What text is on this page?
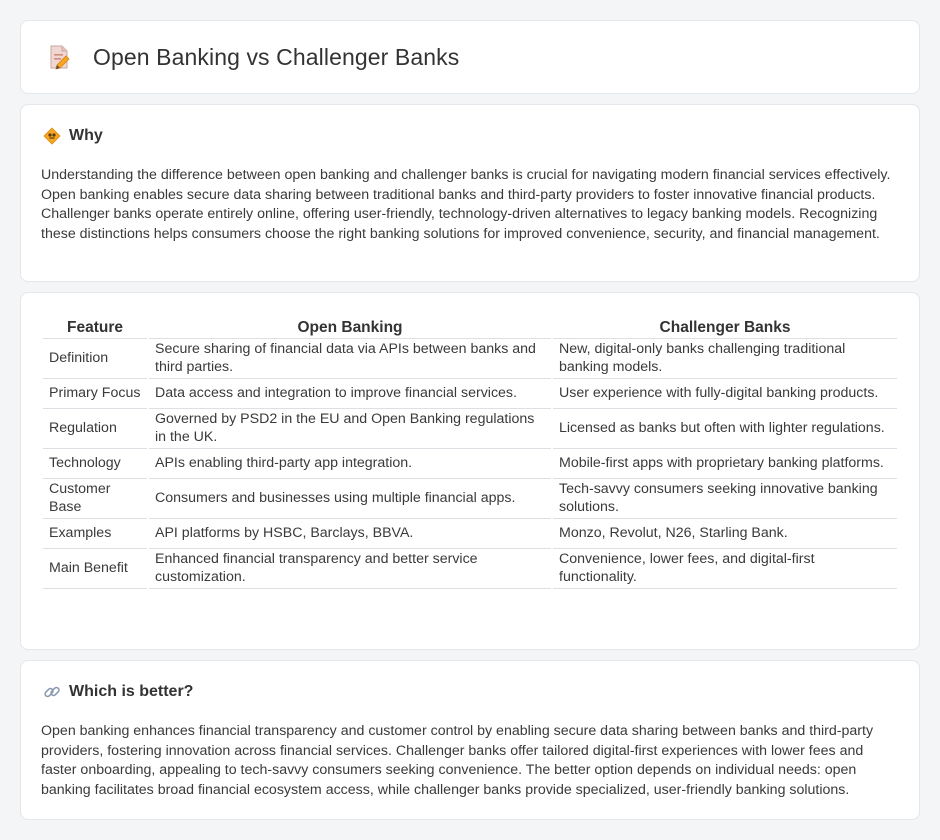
Open Banking vs Challenger Banks
Why

Understanding the difference between open banking and challenger banks is crucial for navigating modern financial services effectively. Open banking enables secure data sharing between traditional banks and third-party providers to foster innovative financial products. Challenger banks operate entirely online, offering user-friendly, technology-driven alternatives to legacy banking models. Recognizing these distinctions helps consumers choose the right banking solutions for improved convenience, security, and financial management.

Feature	Open Banking	Challenger Banks
Definition	Secure sharing of financial data via APIs between banks and third parties.	New, digital-only banks challenging traditional banking models.
Primary Focus	Data access and integration to improve financial services.	User experience with fully-digital banking products.
Regulation	Governed by PSD2 in the EU and Open Banking regulations in the UK.	Licensed as banks but often with lighter regulations.
Technology	APIs enabling third-party app integration.	Mobile-first apps with proprietary banking platforms.
Customer Base	Consumers and businesses using multiple financial apps.	Tech-savvy consumers seeking innovative banking solutions.
Examples	API platforms by HSBC, Barclays, BBVA.	Monzo, Revolut, N26, Starling Bank.
Main Benefit	Enhanced financial transparency and better service customization.	Convenience, lower fees, and digital-first functionality.
Which is better?

Open banking enhances financial transparency and customer control by enabling secure data sharing between banks and third-party providers, fostering innovation across financial services. Challenger banks offer tailored digital-first experiences with lower fees and faster onboarding, appealing to tech-savvy consumers seeking convenience. The better option depends on individual needs: open banking facilitates broad financial ecosystem access, while challenger banks provide specialized, user-friendly banking solutions.
